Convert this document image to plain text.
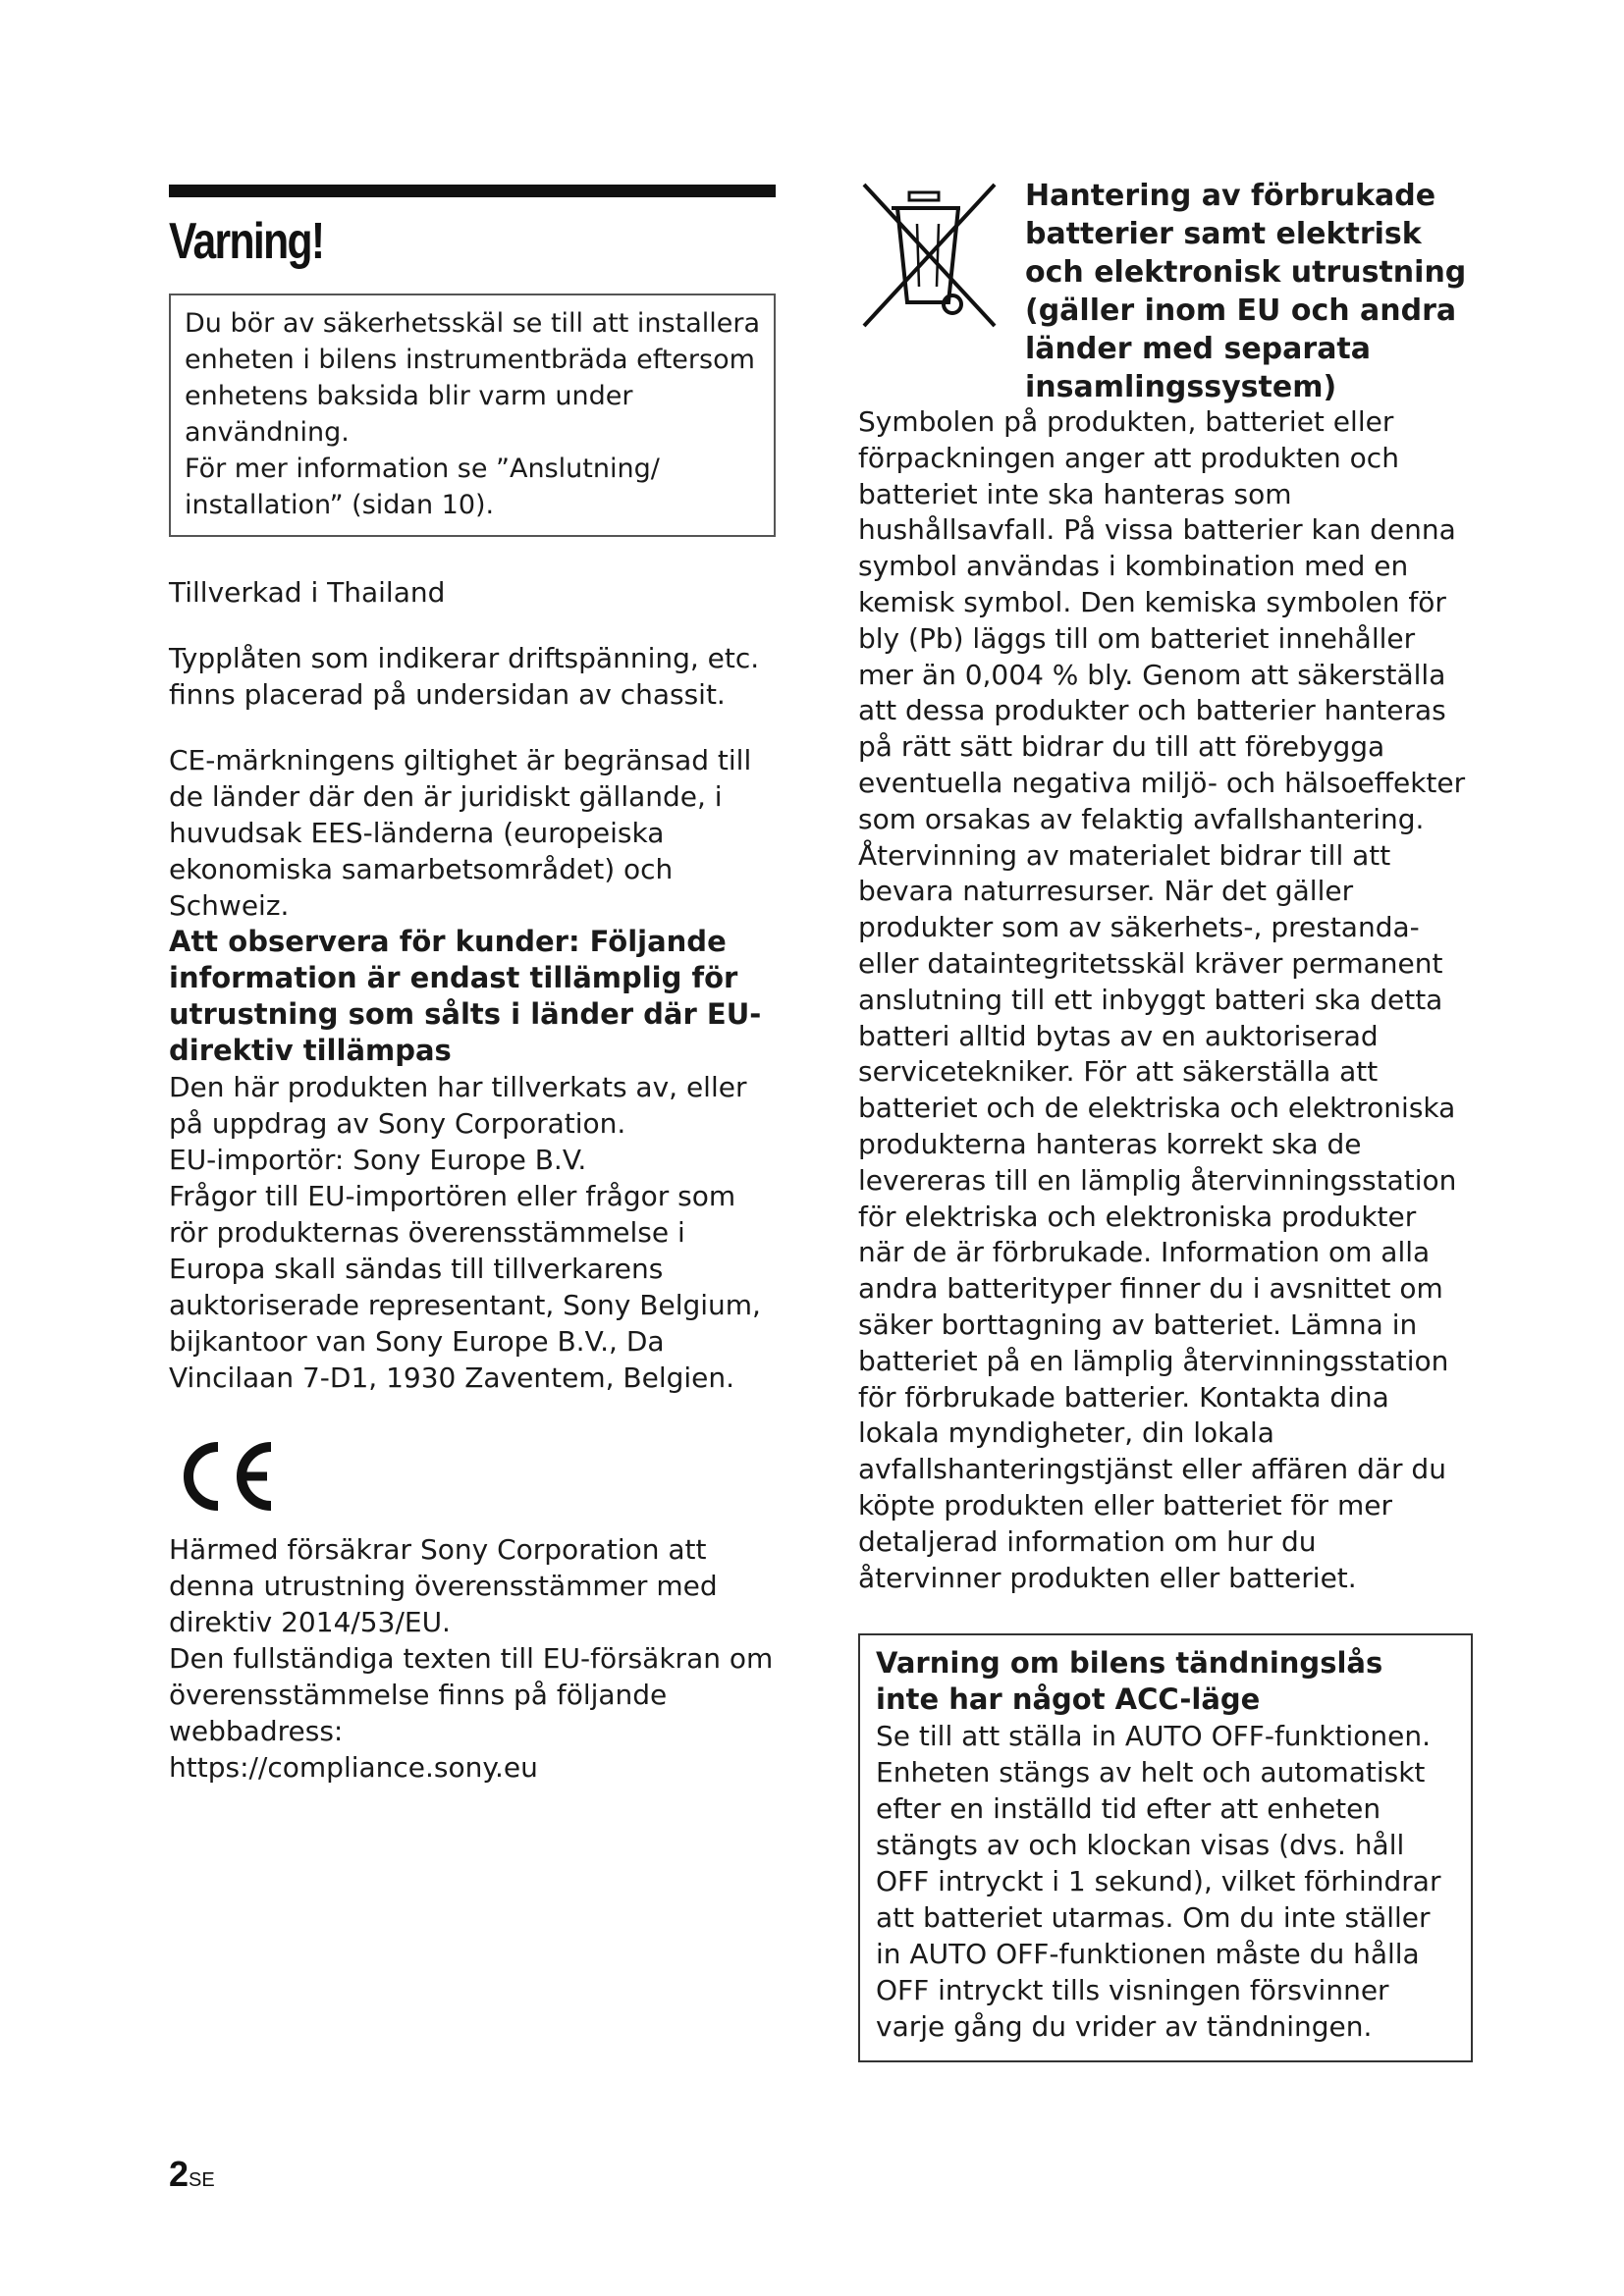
Varning!

Du bör av säkerhetsskäl se till att installera enheten i bilens instrumentbräda eftersom enhetens baksida blir varm under användning.

För mer information se ”Anslutning/ installation” (sidan 10).

Tillverkad i Thailand

Typplåten som indikerar driftspänning, etc. finns placerad på undersidan av chassit.

CE-märkningens giltighet är begränsad till de länder där den är juridiskt gällande, i huvudsak EES-länderna (europeiska ekonomiska samarbetsområdet) och Schweiz.

Att observera för kunder: Följande information är endast tillämplig för utrustning som sålts i länder där EU-direktiv tillämpas

Den här produkten har tillverkats av, eller på uppdrag av Sony Corporation.

EU-importör: Sony Europe B.V.

Frågor till EU-importören eller frågor som rör produkternas överensstämmelse i Europa skall sändas till tillverkarens auktoriserade representant, Sony Belgium, bijkantoor van Sony Europe B.V., Da Vincilaan 7-D1, 1930 Zaventem, Belgien.

Härmed försäkrar Sony Corporation att denna utrustning överensstämmer med direktiv 2014/53/EU.

Den fullständiga texten till EU-försäkran om överensstämmelse finns på följande webbadress:

https://compliance.sony.eu

Hantering av förbrukade batterier samt elektrisk och elektronisk utrustning (gäller inom EU och andra länder med separata insamlingssystem)

Symbolen på produkten, batteriet eller förpackningen anger att produkten och batteriet inte ska hanteras som hushållsavfall. På vissa batterier kan denna symbol användas i kombination med en kemisk symbol. Den kemiska symbolen för bly (Pb) läggs till om batteriet innehåller mer än 0,004 % bly. Genom att säkerställa att dessa produkter och batterier hanteras på rätt sätt bidrar du till att förebygga eventuella negativa miljö- och hälsoeffekter som orsakas av felaktig avfallshantering. Återvinning av materialet bidrar till att bevara naturresurser. När det gäller produkter som av säkerhets-, prestanda- eller dataintegritetsskäl kräver permanent anslutning till ett inbyggt batteri ska detta batteri alltid bytas av en auktoriserad servicetekniker. För att säkerställa att batteriet och de elektriska och elektroniska produkterna hanteras korrekt ska de levereras till en lämplig återvinningsstation för elektriska och elektroniska produkter när de är förbrukade. Information om alla andra batterityper finner du i avsnittet om säker borttagning av batteriet. Lämna in batteriet på en lämplig återvinningsstation för förbrukade batterier. Kontakta dina lokala myndigheter, din lokala avfallshanteringstjänst eller affären där du köpte produkten eller batteriet för mer detaljerad information om hur du återvinner produkten eller batteriet.

Varning om bilens tändningslås inte har något ACC-läge

Se till att ställa in AUTO OFF-funktionen. Enheten stängs av helt och automatiskt efter en inställd tid efter att enheten stängts av och klockan visas (dvs. håll OFF intryckt i 1 sekund), vilket förhindrar att batteriet utarmas. Om du inte ställer in AUTO OFF-funktionen måste du hålla OFF intryckt tills visningen försvinner varje gång du vrider av tändningen.

2SE
